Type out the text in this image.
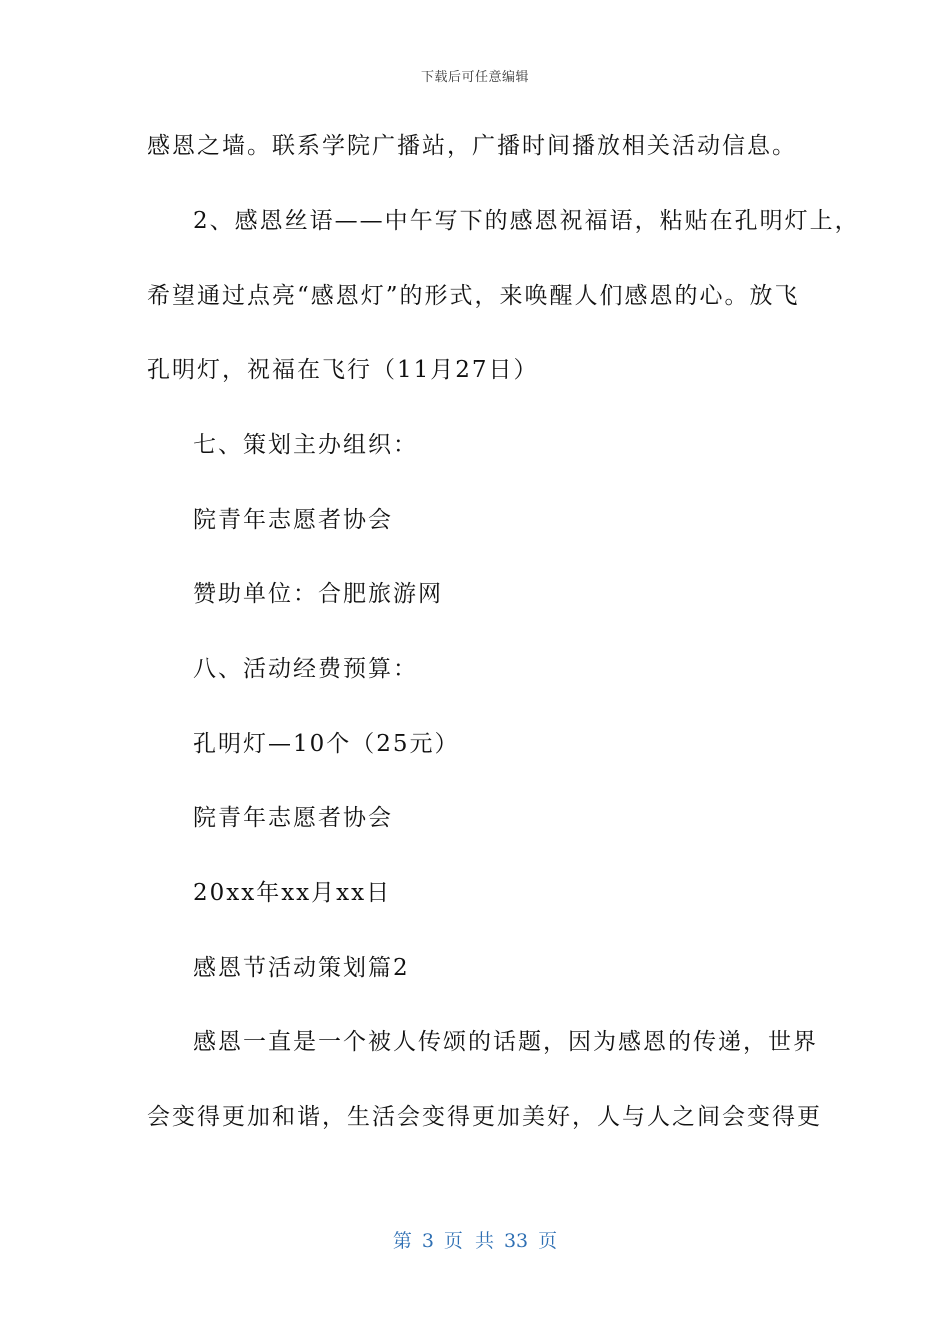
下载后可任意编辑
感恩之墙。联系学院广播站，广播时间播放相关活动信息。
2、感恩丝语——中午写下的感恩祝福语，粘贴在孔明灯上，
希望通过点亮“感恩灯”的形式，来唤醒人们感恩的心。放飞
孔明灯，祝福在飞行（11月27日）
七、策划主办组织：
院青年志愿者协会
赞助单位：合肥旅游网
八、活动经费预算：
孔明灯—10个（25元）
院青年志愿者协会
20xx年xx月xx日
感恩节活动策划篇2
感恩一直是一个被人传颂的话题，因为感恩的传递，世界
会变得更加和谐，生活会变得更加美好，人与人之间会变得更
第 3 页 共 33 页
